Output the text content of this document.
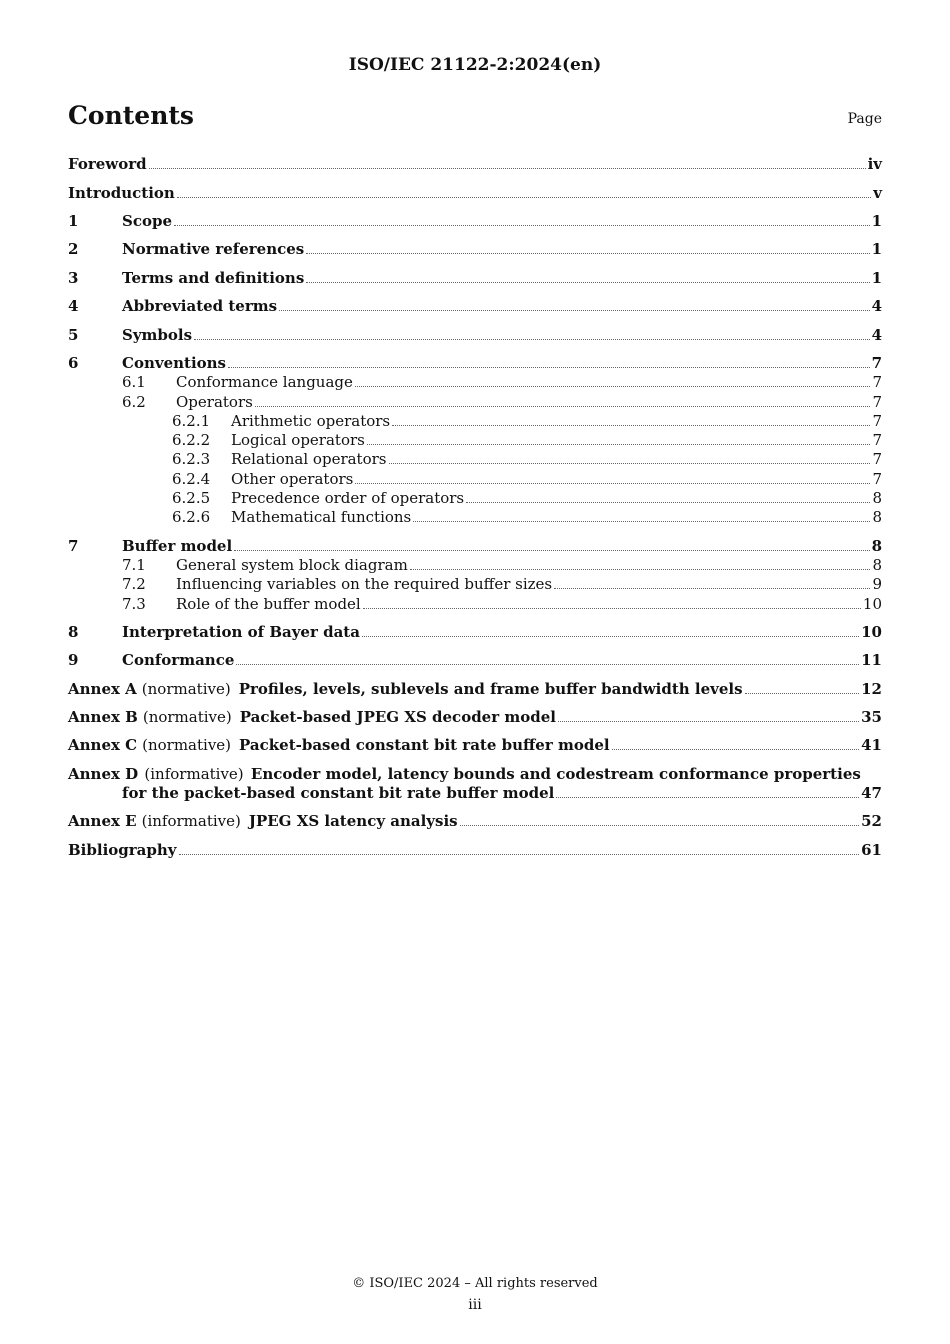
ISO/IEC 21122-2:2024(en)
Contents	Page
Foreword	iv
Introduction	v
1	Scope	1
2	Normative references	1
3	Terms and definitions	1
4	Abbreviated terms	4
5	Symbols	4
6	Conventions	7
6.1	Conformance language	7
6.2	Operators	7
6.2.1	Arithmetic operators	7
6.2.2	Logical operators	7
6.2.3	Relational operators	7
6.2.4	Other operators	7
6.2.5	Precedence order of operators	8
6.2.6	Mathematical functions	8
7	Buffer model	8
7.1	General system block diagram	8
7.2	Influencing variables on the required buffer sizes	9
7.3	Role of the buffer model	10
8	Interpretation of Bayer data	10
9	Conformance	11
Annex A (normative) Profiles, levels, sublevels and frame buffer bandwidth levels	12
Annex B (normative) Packet-based JPEG XS decoder model	35
Annex C (normative) Packet-based constant bit rate buffer model	41
Annex D (informative) Encoder model, latency bounds and codestream conformance properties
for the packet-based constant bit rate buffer model	47
Annex E (informative) JPEG XS latency analysis	52
Bibliography	61
© ISO/IEC 2024 – All rights reserved
iii
